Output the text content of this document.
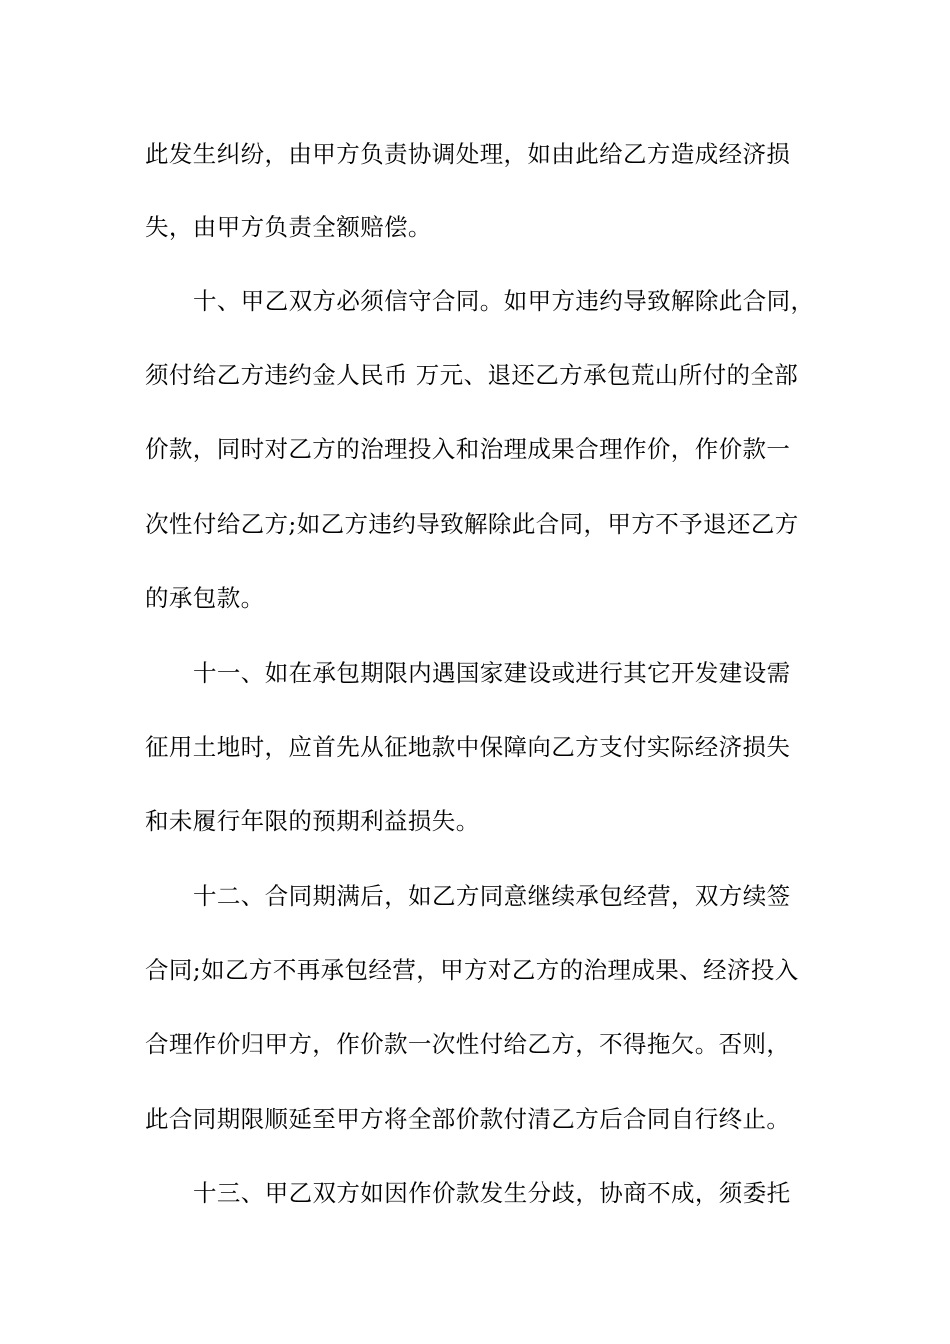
此发生纠纷，由甲方负责协调处理，如由此给乙方造成经济损
失，由甲方负责全额赔偿。
十、甲乙双方必须信守合同。如甲方违约导致解除此合同，
须付给乙方违约金人民币 万元、退还乙方承包荒山所付的全部
价款，同时对乙方的治理投入和治理成果合理作价，作价款一
次性付给乙方;如乙方违约导致解除此合同，甲方不予退还乙方
的承包款。
十一、如在承包期限内遇国家建设或进行其它开发建设需
征用土地时，应首先从征地款中保障向乙方支付实际经济损失
和未履行年限的预期利益损失。
十二、合同期满后，如乙方同意继续承包经营，双方续签
合同;如乙方不再承包经营，甲方对乙方的治理成果、经济投入
合理作价归甲方，作价款一次性付给乙方，不得拖欠。否则，
此合同期限顺延至甲方将全部价款付清乙方后合同自行终止。
十三、甲乙双方如因作价款发生分歧，协商不成，须委托
